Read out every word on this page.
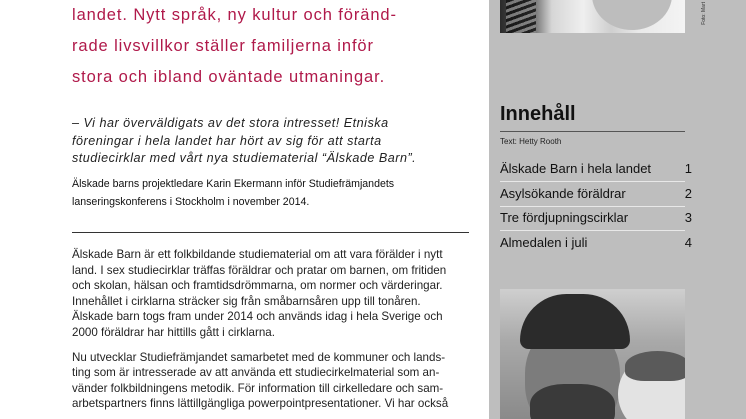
landet. Nytt språk, ny kultur och föränd-
rade livsvillkor ställer familjerna inför
stora och ibland oväntade utmaningar.
– Vi har överväldigats av det stora intresset! Etniska
föreningar i hela landet har hört av sig för att starta
studiecirklar med vårt nya studiematerial “Älskade Barn”.
Älskade barns projektledare Karin Ekermann inför Studiefrämjandets
lanseringskonferens i Stockholm i november 2014.
Älskade Barn är ett folkbildande studiematerial om att vara förälder i nytt
land. I sex studiecirklar träffas föräldrar och pratar om barnen, om fritiden
och skolan, hälsan och framtidsdrömmarna, om normer och värderingar.
Innehållet i cirklarna sträcker sig från småbarnsåren upp till tonåren.
Älskade barn togs fram under 2014 och används idag i hela Sverige och
2000 föräldrar har hittills gått i cirklarna.
Nu utvecklar Studiefrämjandet samarbetet med de kommuner och lands-
ting som är intresserade av att använda ett studiecirkelmaterial som an-
vänder folkbildningens metodik. För information till cirkelledare och sam-
arbetspartners finns lättillgängliga powerpointpresentationer. Vi har också
Foto: Mart
Innehåll
Text: Hetty Rooth
Älskade Barn i hela landet	1
Asylsökande föräldrar	2
Tre fördjupningscirklar	3
Almedalen i juli	4
